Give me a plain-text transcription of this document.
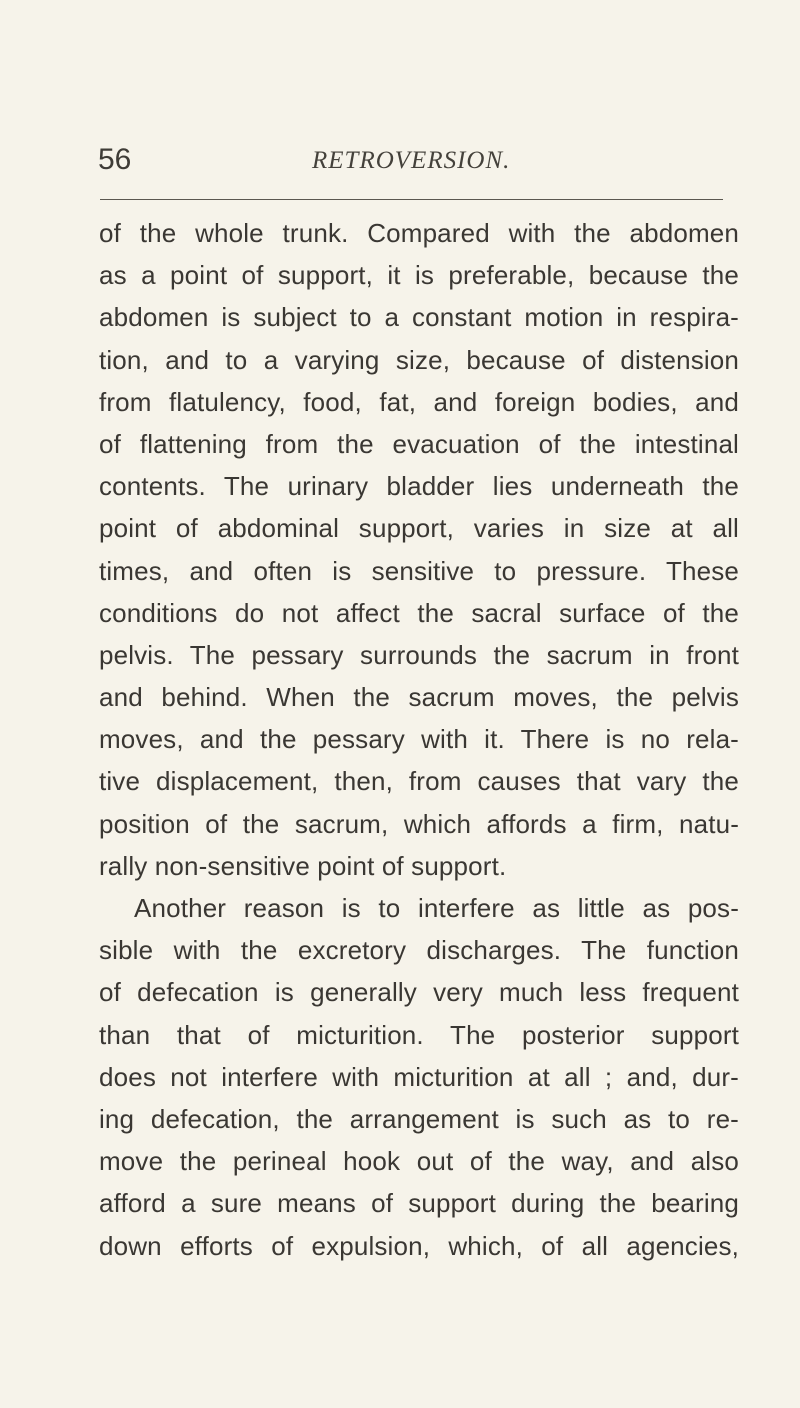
56	RETROVERSION.
of the whole trunk. Compared with the abdomen
as a point of support, it is preferable, because the
abdomen is subject to a constant motion in respira-
tion, and to a varying size, because of distension
from flatulency, food, fat, and foreign bodies, and
of flattening from the evacuation of the intestinal
contents. The urinary bladder lies underneath the
point of abdominal support, varies in size at all
times, and often is sensitive to pressure. These
conditions do not affect the sacral surface of the
pelvis. The pessary surrounds the sacrum in front
and behind. When the sacrum moves, the pelvis
moves, and the pessary with it. There is no rela-
tive displacement, then, from causes that vary the
position of the sacrum, which affords a firm, natu-
rally non-sensitive point of support.
Another reason is to interfere as little as pos-
sible with the excretory discharges. The function
of defecation is generally very much less frequent
than that of micturition. The posterior support
does not interfere with micturition at all ; and, dur-
ing defecation, the arrangement is such as to re-
move the perineal hook out of the way, and also
afford a sure means of support during the bearing
down efforts of expulsion, which, of all agencies,
